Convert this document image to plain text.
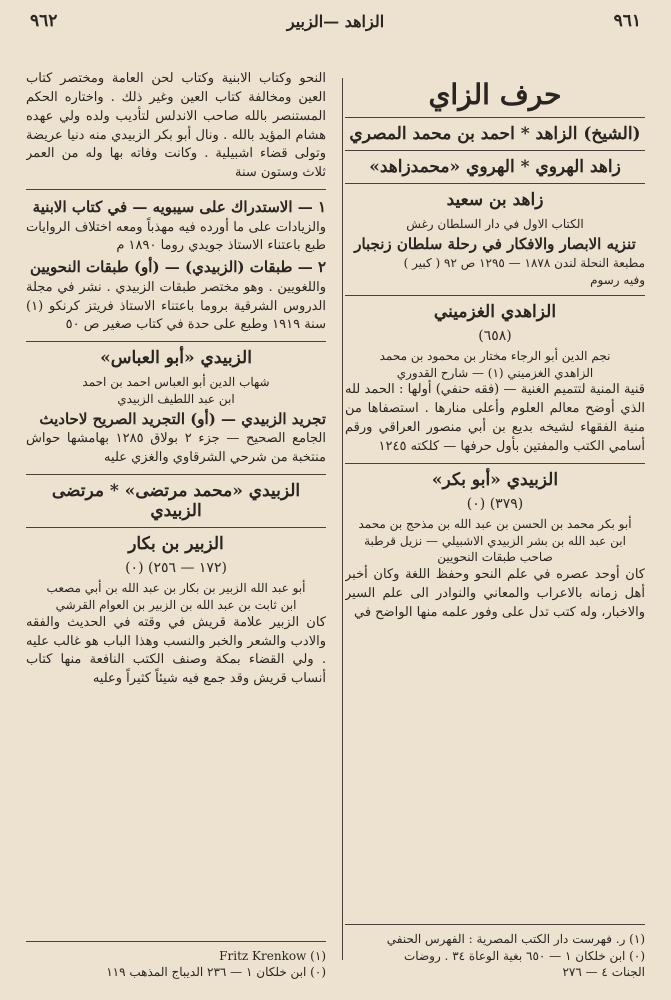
٩٦١
الزاهد —الزبير
٩٦٢
حرف الزاي

(الشيخ) الزاهد * احمد بن محمد المصري

زاهد الهروي * الهروي «محمدزاهد»

زاهد بن سعيد

الكتاب الاول في دار السلطان رغش

تنزيه الابصار والافكار في رحلة سلطان زنجبار

مطبعة النحلة لندن ١٨٧٨ — ١٢٩٥ ص ٩٢ ( كبير )

وفيه رسوم

الزاهدي الغزميني

(٦٥٨)

نجم الدين أبو الرجاء مختار بن محمود بن محمد

الزاهدي الغزميني (١) — شارح القدوري

قنية المنية لتتميم الغنية — (فقه حنفي) أولها : الحمد لله الذي أوضح معالم العلوم وأعلى منارها . استصفاها من منية الفقهاء لشيخه بديع بن أبي منصور العراقي ورقم أسامي الكتب والمفتين بأول حرفها — كلكته ١٢٤٥

الزبيدي «أبو بكر»

(٣٧٩) (٠)

أبو بكر محمد بن الحسن بن عبد الله بن مذحج بن محمد

ابن عبد الله بن بشر الزبيدي الاشبيلي — نزيل قرطبة

صاحب طبقات النحويين

كان أوحد عصره في علم النحو وحفظ اللغة وكان أخبر أهل زمانه بالاعراب والمعاني والنوادر الى علم السير والاخبار، وله كتب تدل على وفور علمه منها الواضح في

النحو وكتاب الابنية وكتاب لحن العامة ومختصر كتاب العين ومخالفة كتاب العين وغير ذلك . واختاره الحكم المستنصر بالله صاحب الاندلس لتأديب ولده ولي عهده هشام المؤيد بالله . ونال أبو بكر الزبيدي منه دنيا عريضة وتولى قضاء اشبيلية . وكانت وفاته بها وله من العمر ثلاث وستون سنة

١ — الاستدراك على سيبويه — في كتاب الابنية

والزيادات على ما أورده فيه مهذباً ومعه اختلاف الروايات طبع باعتناء الاستاذ جويدي روما ١٨٩٠ م

٢ — طبقات (الزبيدي) — (أو) طبقات النحويين

واللغويين . وهو مختصر طبقات الزبيدي . نشر في مجلة الدروس الشرقية بروما باعتناء الاستاذ فريتز كرنكو (١) سنة ١٩١٩ وطبع على حدة في كتاب صغير ص ٥٠

الزبيدي «أبو العباس»

شهاب الدين أبو العباس احمد بن احمد

ابن عبد اللطيف الزبيدي

تجريد الزبيدي — (أو) التجريد الصريح لاحاديث

الجامع الصحيح — جزء ٢ بولاق ١٢٨٥ بهامشها حواش منتخبة من شرحي الشرقاوي والغزي عليه

الزبيدي «محمد مرتضى» * مرتضى الزبيدي

الزبير بن بكار

(١٧٢ — ٢٥٦) (٠)

أبو عبد الله الزبير بن بكار بن عبد الله بن أبي مصعب

ابن ثابت بن عبد الله بن الزبير بن العوام القرشي

كان الزبير علامة قريش في وقته في الحديث والفقه والادب والشعر والخبر والنسب وهذا الباب هو غالب عليه . ولي القضاء بمكة وصنف الكتب النافعة منها كتاب أنساب قريش وقد جمع فيه شيئاً كثيراً وعليه

(١) ر. فهرست دار الكتب المصرية : الفهرس الحنفي

(٠) ابن خلكان ١ — ٦٥٠ بغية الوعاة ٣٤ . روضات

الجنات ٤ — ٢٧٦

(١) Fritz Krenkow

(٠) ابن خلكان ١ — ٢٣٦ الديباج المذهب ١١٩
